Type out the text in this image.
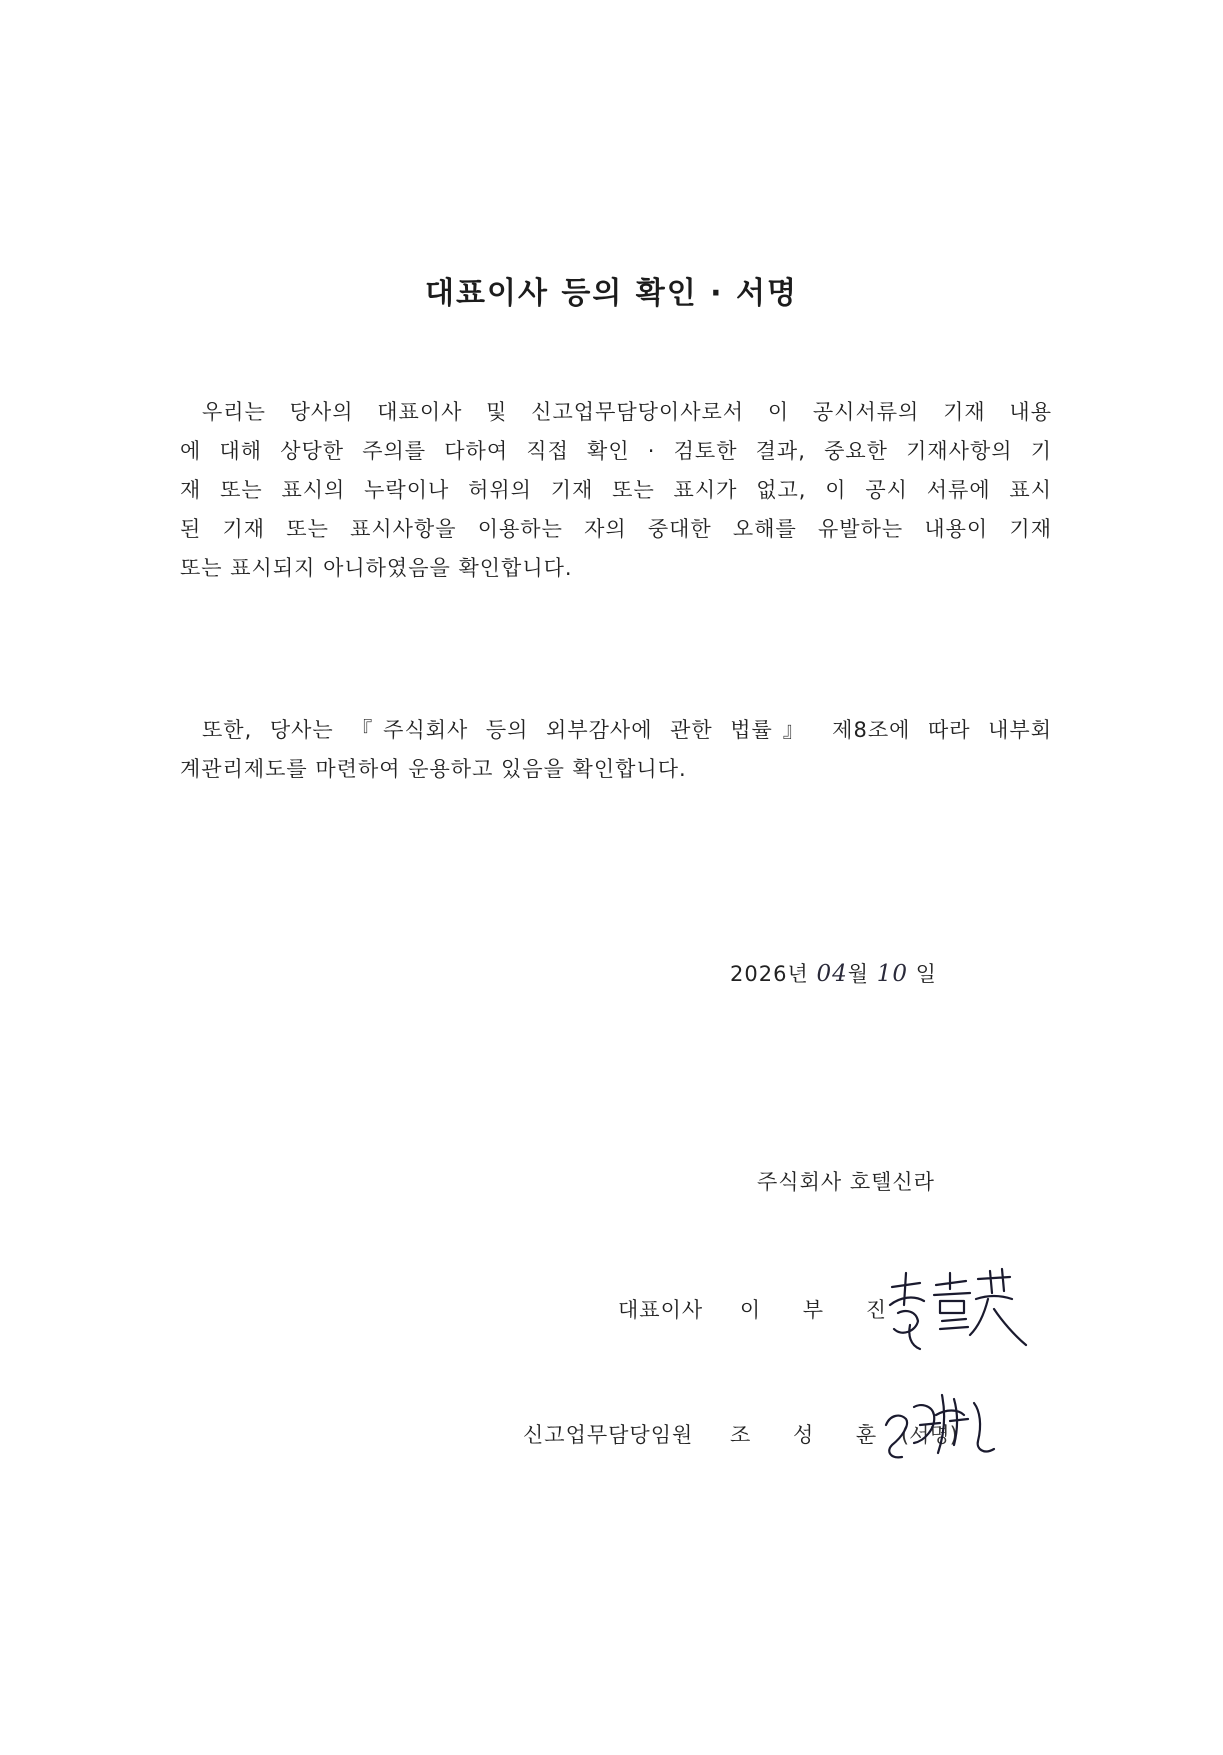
대표이사 등의 확인 · 서명
우리는 당사의 대표이사 및 신고업무담당이사로서 이 공시서류의 기재 내용
에 대해 상당한 주의를 다하여 직접 확인 · 검토한 결과, 중요한 기재사항의 기
재 또는 표시의 누락이나 허위의 기재 또는 표시가 없고, 이 공시 서류에 표시
된 기재 또는 표시사항을 이용하는 자의 중대한 오해를 유발하는 내용이 기재
또는 표시되지 아니하였음을 확인합니다.
또한, 당사는 『주식회사 등의 외부감사에 관한 법률』 제8조에 따라 내부회
계관리제도를 마련하여 운용하고 있음을 확인합니다.
2026년 04월 10 일
주식회사 호텔신라
대표이사 이 부 진
신고업무담당임원 조 성 훈 (서명)
